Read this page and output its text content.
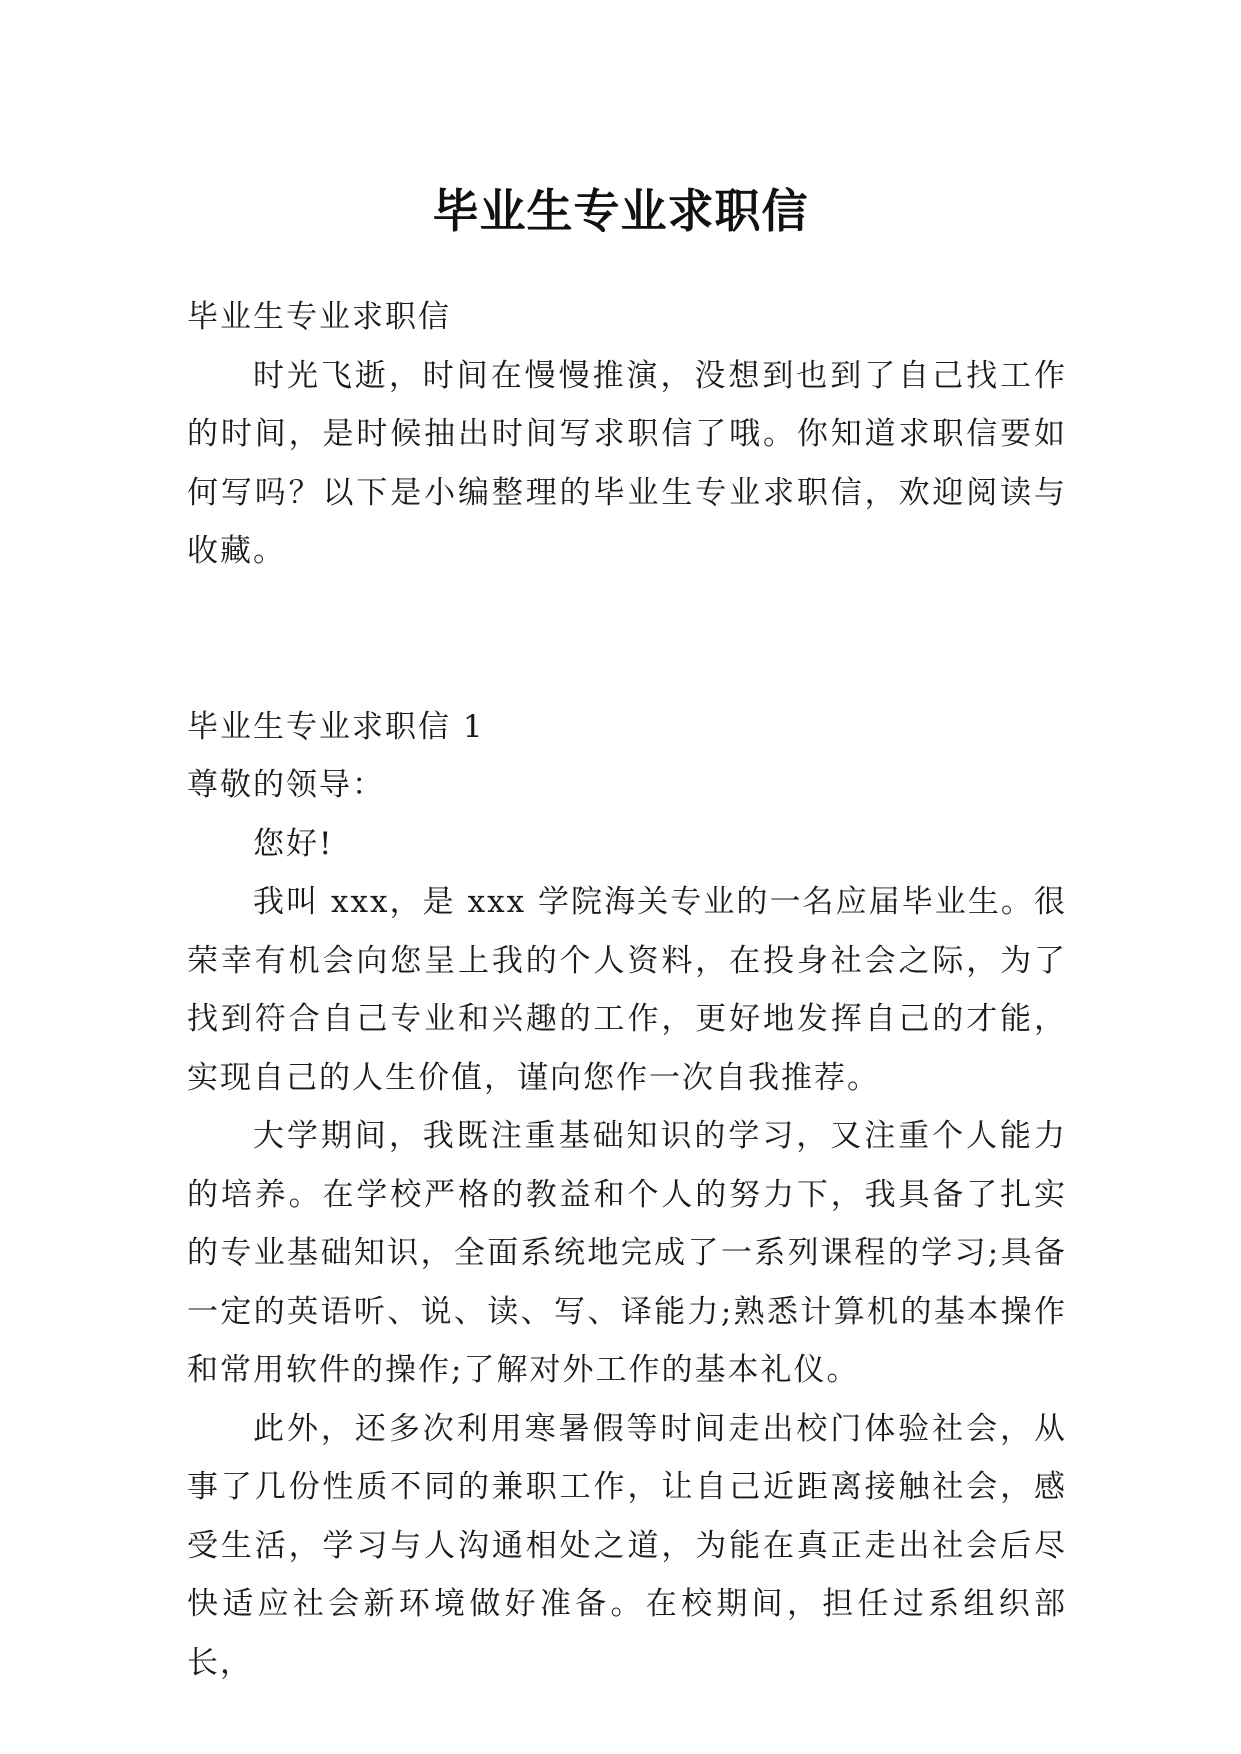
毕业生专业求职信

毕业生专业求职信

时光飞逝，时间在慢慢推演，没想到也到了自己找工作的时间，是时候抽出时间写求职信了哦。你知道求职信要如何写吗？以下是小编整理的毕业生专业求职信，欢迎阅读与收藏。

毕业生专业求职信 1

尊敬的领导：

您好!

我叫 xxx，是 xxx 学院海关专业的一名应届毕业生。很荣幸有机会向您呈上我的个人资料，在投身社会之际，为了找到符合自己专业和兴趣的工作，更好地发挥自己的才能，实现自己的人生价值，谨向您作一次自我推荐。

大学期间，我既注重基础知识的学习，又注重个人能力的培养。在学校严格的教益和个人的努力下，我具备了扎实的专业基础知识，全面系统地完成了一系列课程的学习;具备一定的英语听、说、读、写、译能力;熟悉计算机的基本操作和常用软件的操作;了解对外工作的基本礼仪。

此外，还多次利用寒暑假等时间走出校门体验社会，从事了几份性质不同的兼职工作，让自己近距离接触社会，感受生活，学习与人沟通相处之道，为能在真正走出社会后尽快适应社会新环境做好准备。在校期间，担任过系组织部长，
